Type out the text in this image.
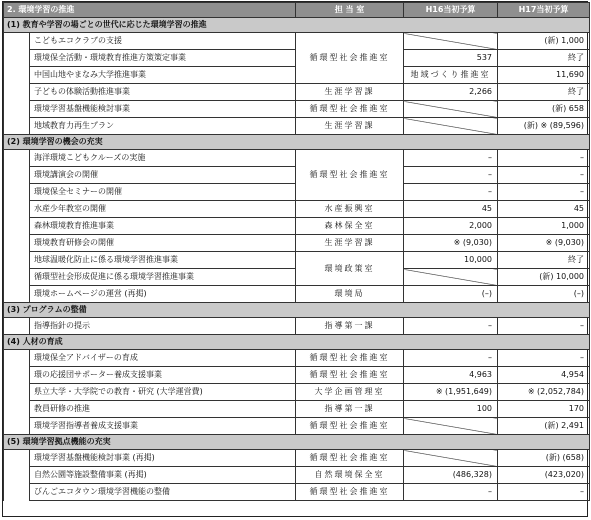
2. 環境学習の推進		担 当 室	H16当初予算	H17当初予算	
(1) 教育や学習の場ごとの世代に応じた環境学習の推進					
	こどもエコクラブの支援	循環型社会推進室		(新) 1,000	
	環境保全活動・環境教育推進方策策定事業		537	終了	
	中国山地やまなみ大学推進事業		地域づくり推進室	11,690	
	子どもの体験活動推進事業	生涯学習課	2,266	終了	
	環境学習基盤機能検討事業	循環型社会推進室		(新) 658	
	地域教育力再生プラン	生涯学習課		(新) ※ (89,596)	
(2) 環境学習の機会の充実					
	海洋環境こどもクルーズの実施	循環型社会推進室	–	–	
	環境講演会の開催		–	–	
	環境保全セミナーの開催		–	–	
	水産少年教室の開催	水産振興室	45	45	
	森林環境教育推進事業	森林保全室	2,000	1,000	
	環境教育研修会の開催	生涯学習課	※ (9,030)	※ (9,030)	
	地球温暖化防止に係る環境学習推進事業	環境政策室	10,000	終了	
	循環型社会形成促進に係る環境学習推進事業			(新) 10,000	
	環境ホームページの運営 (再掲)	環境局	(–)	(–)	
(3) プログラムの整備					
	指導指針の提示	指導第一課	–	–	
(4) 人材の育成					
	環境保全アドバイザーの育成	循環型社会推進室	–	–	
	環の応援団サポーター養成支援事業	循環型社会推進室	4,963	4,954	
	県立大学・大学院での教育・研究 (大学運営費)	大学企画管理室	※ (1,951,649)	※ (2,052,784)	
	教員研修の推進	指導第一課	100	170	
	環境学習指導者養成支援事業	循環型社会推進室		(新) 2,491	
(5) 環境学習拠点機能の充実					
	環境学習基盤機能検討事業 (再掲)	循環型社会推進室		(新) (658)	
	自然公園等施設整備事業 (再掲)	自然環境保全室	(486,328)	(423,020)	
	びんごエコタウン環境学習機能の整備	循環型社会推進室	–	–	
